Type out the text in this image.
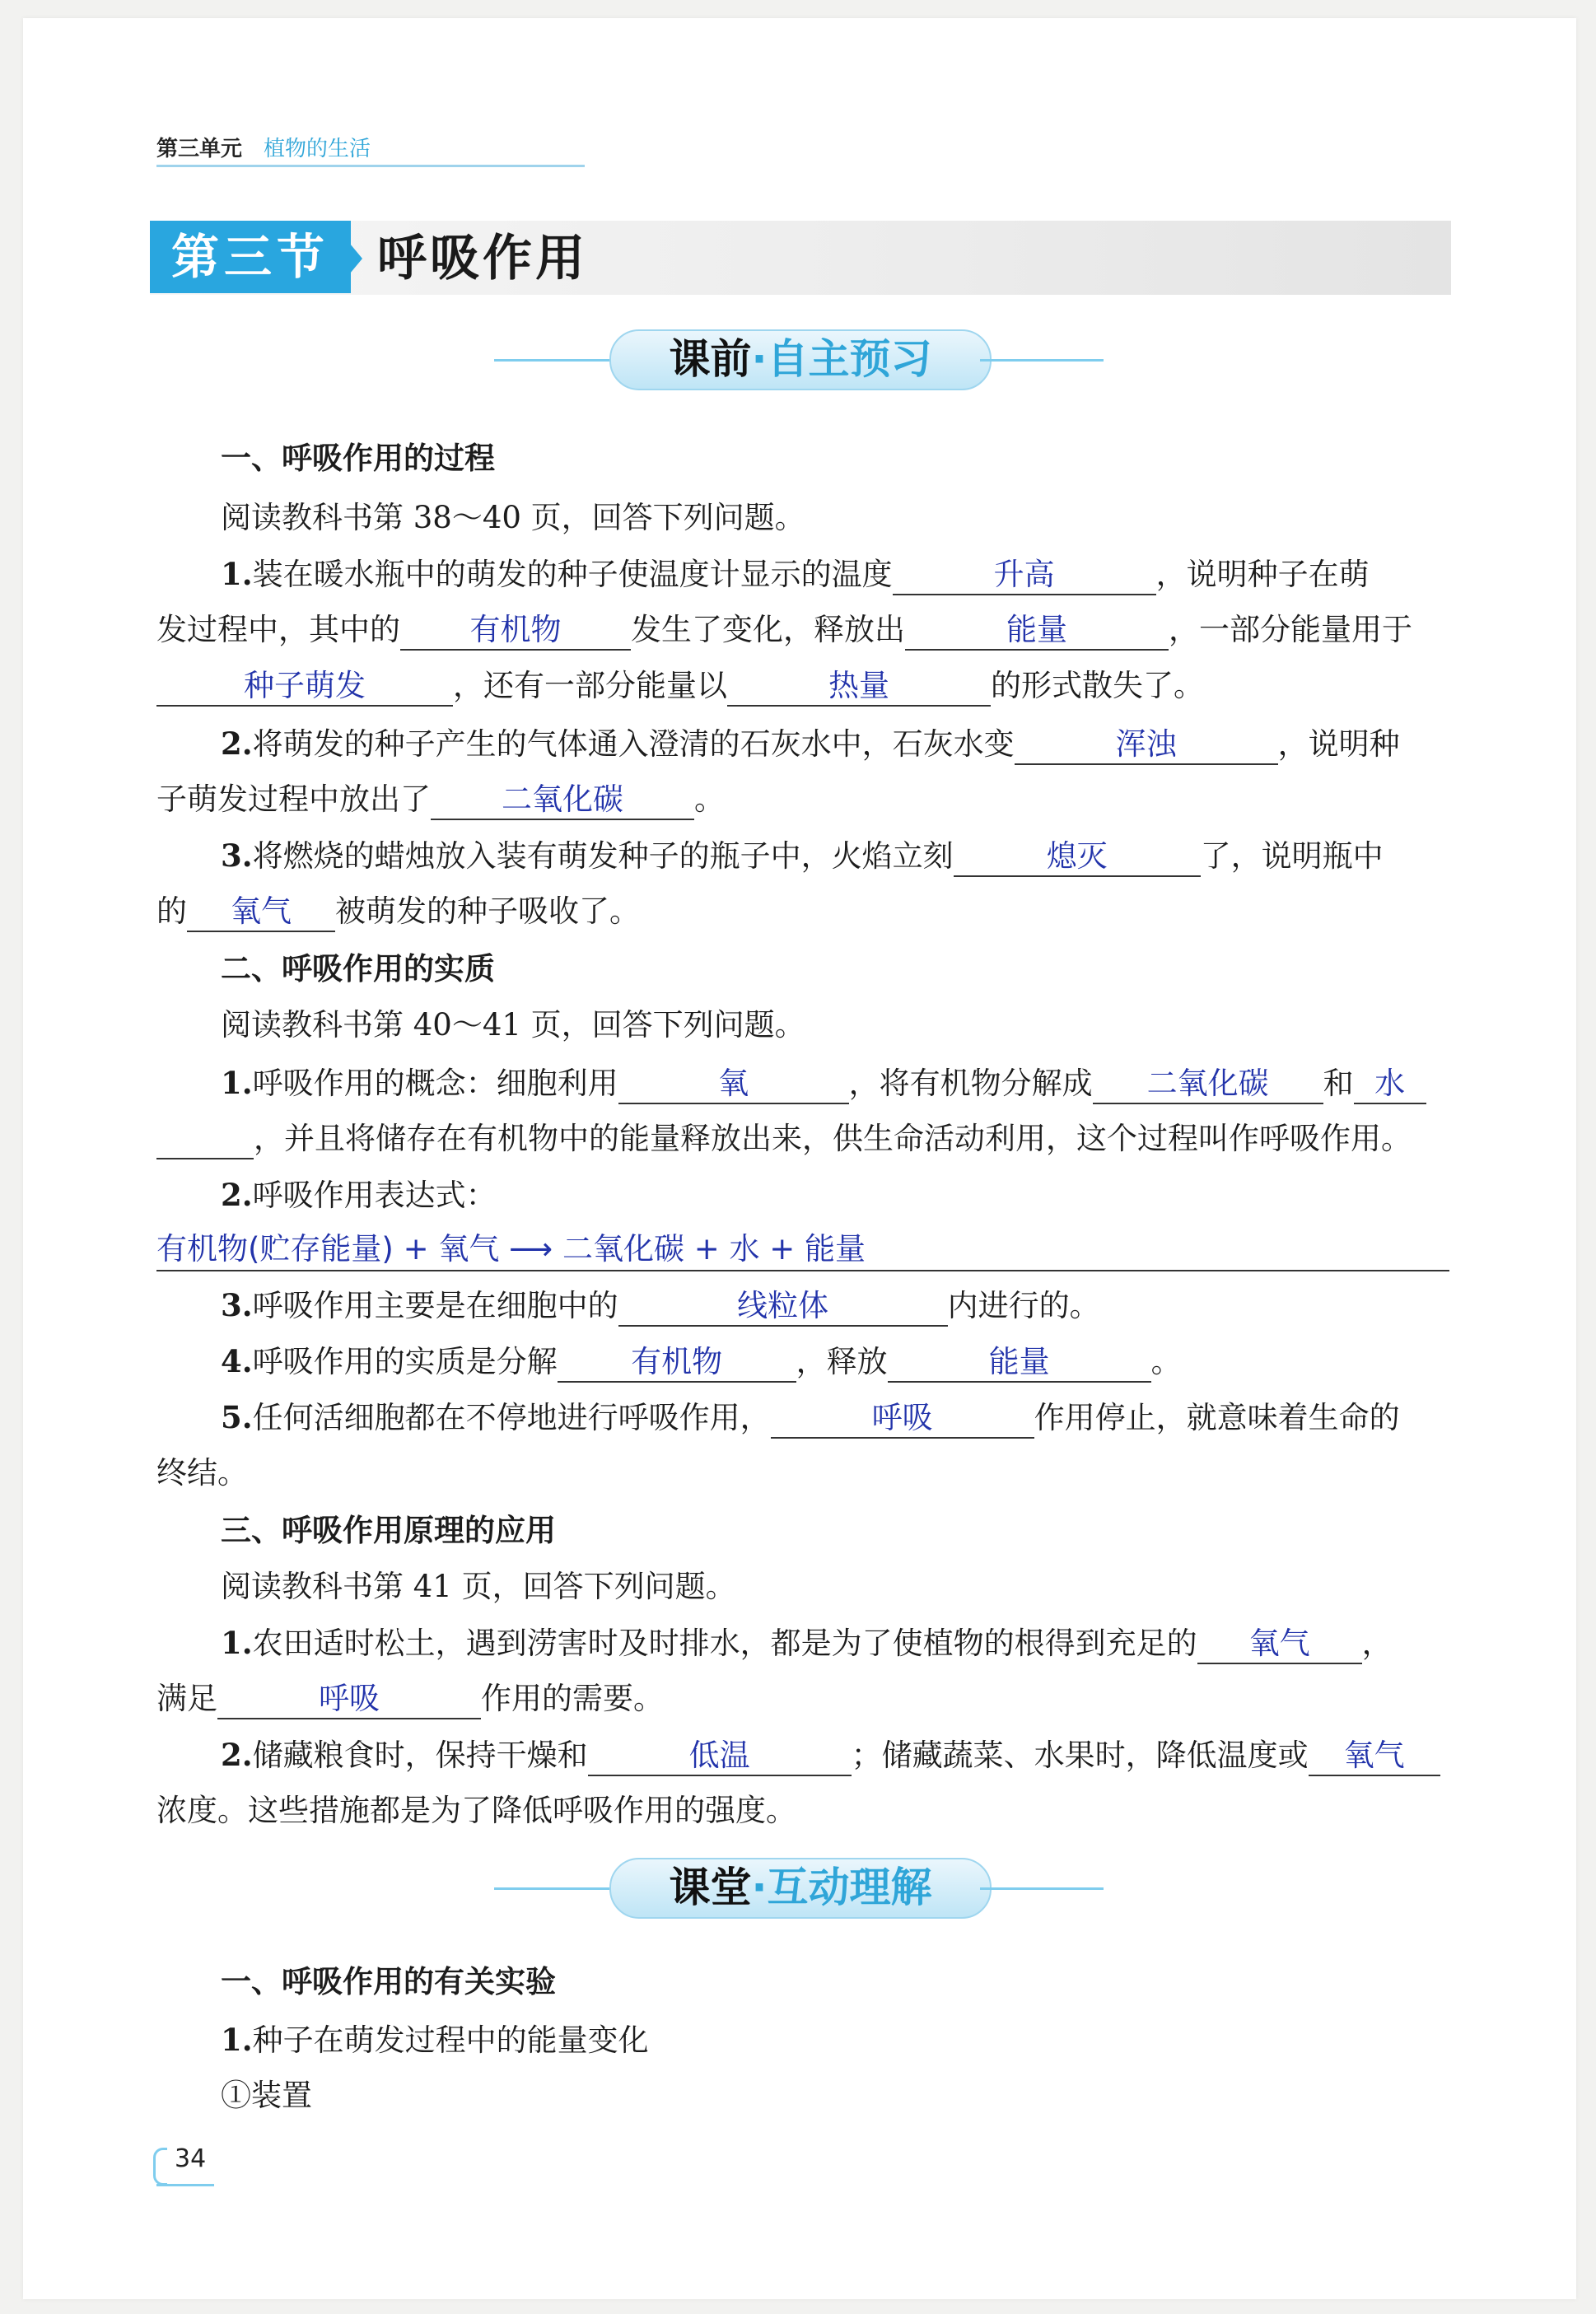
第三单元 植物的生活
第三节 呼吸作用
课前·自主预习
一、呼吸作用的过程
阅读教科书第 38～40 页，回答下列问题。
1.装在暖水瓶中的萌发的种子使温度计显示的温度	升高	，说明种子在萌
发过程中，其中的 有机物 发生了变化，释放出	能量	，一部分能量用于
种子萌发	，还有一部分能量以	热量	的形式散失了。
2.将萌发的种子产生的气体通入澄清的石灰水中，石灰水变	浑浊	，说明种
子萌发过程中放出了 二氧化碳 。
3.将燃烧的蜡烛放入装有萌发种子的瓶子中，火焰立刻	熄灭	了，说明瓶中
的 氧气 被萌发的种子吸收了。
二、呼吸作用的实质
阅读教科书第 40～41 页，回答下列问题。
1.呼吸作用的概念：细胞利用	氧	，将有机物分解成 二氧化碳 和 水
，并且将储存在有机物中的能量释放出来，供生命活动利用，这个过程叫作呼吸作用。
2.呼吸作用表达式：
有机物(贮存能量) + 氧气 ⟶ 二氧化碳 + 水 + 能量
3.呼吸作用主要是在细胞中的	线粒体	内进行的。
4.呼吸作用的实质是分解 有机物 ，释放	能量	。
5.任何活细胞都在不停地进行呼吸作用，	呼吸	作用停止，就意味着生命的
终结。
三、呼吸作用原理的应用
阅读教科书第 41 页，回答下列问题。
1.农田适时松土，遇到涝害时及时排水，都是为了使植物的根得到充足的 氧气 ，
满足	呼吸	作用的需要。
2.储藏粮食时，保持干燥和	低温	；储藏蔬菜、水果时，降低温度或 氧气
浓度。这些措施都是为了降低呼吸作用的强度。
课堂·互动理解
一、呼吸作用的有关实验
1.种子在萌发过程中的能量变化
①装置
34
